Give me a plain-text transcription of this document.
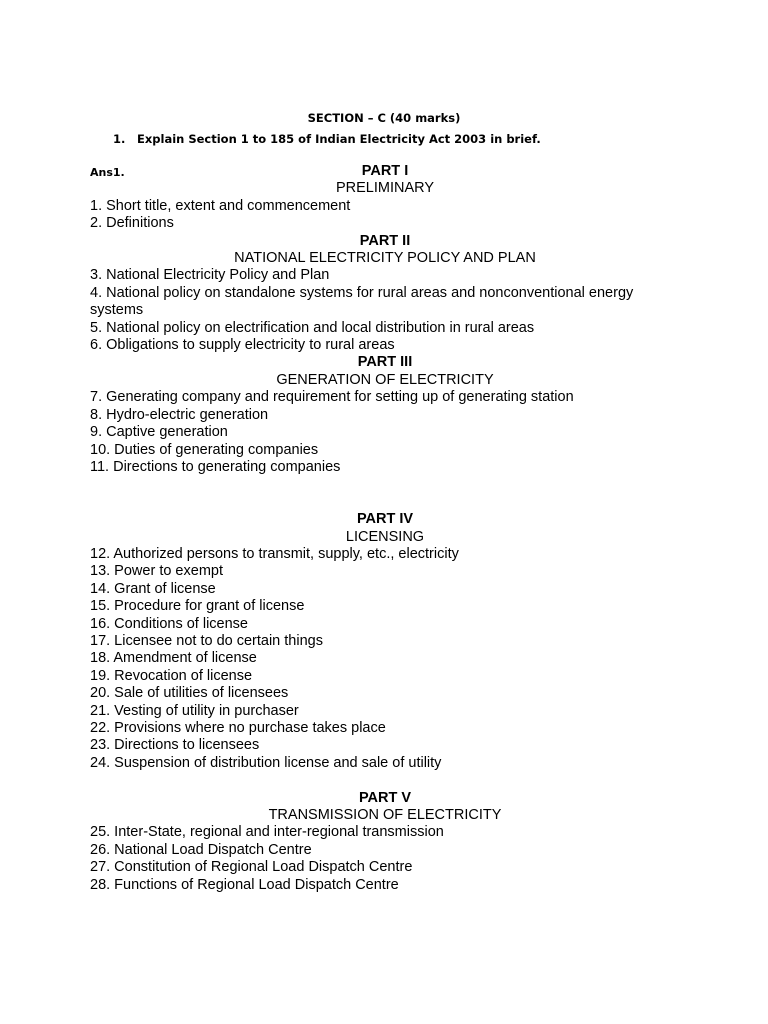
SECTION – C (40 marks)
1. Explain Section 1 to 185 of Indian Electricity Act 2003 in brief.
Ans1.	PART I
PRELIMINARY
1. Short title, extent and commencement
2. Definitions
PART II
NATIONAL ELECTRICITY POLICY AND PLAN
3. National Electricity Policy and Plan
4. National policy on standalone systems for rural areas and nonconventional energy systems
5. National policy on electrification and local distribution in rural areas
6. Obligations to supply electricity to rural areas
PART III
GENERATION OF ELECTRICITY
7. Generating company and requirement for setting up of generating station
8. Hydro-electric generation
9. Captive generation
10. Duties of generating companies
11. Directions to generating companies
PART IV
LICENSING
12. Authorized persons to transmit, supply, etc., electricity
13. Power to exempt
14. Grant of license
15. Procedure for grant of license
16. Conditions of license
17. Licensee not to do certain things
18. Amendment of license
19. Revocation of license
20. Sale of utilities of licensees
21. Vesting of utility in purchaser
22. Provisions where no purchase takes place
23. Directions to licensees
24. Suspension of distribution license and sale of utility
PART V
TRANSMISSION OF ELECTRICITY
25. Inter-State, regional and inter-regional transmission
26. National Load Dispatch Centre
27. Constitution of Regional Load Dispatch Centre
28. Functions of Regional Load Dispatch Centre
